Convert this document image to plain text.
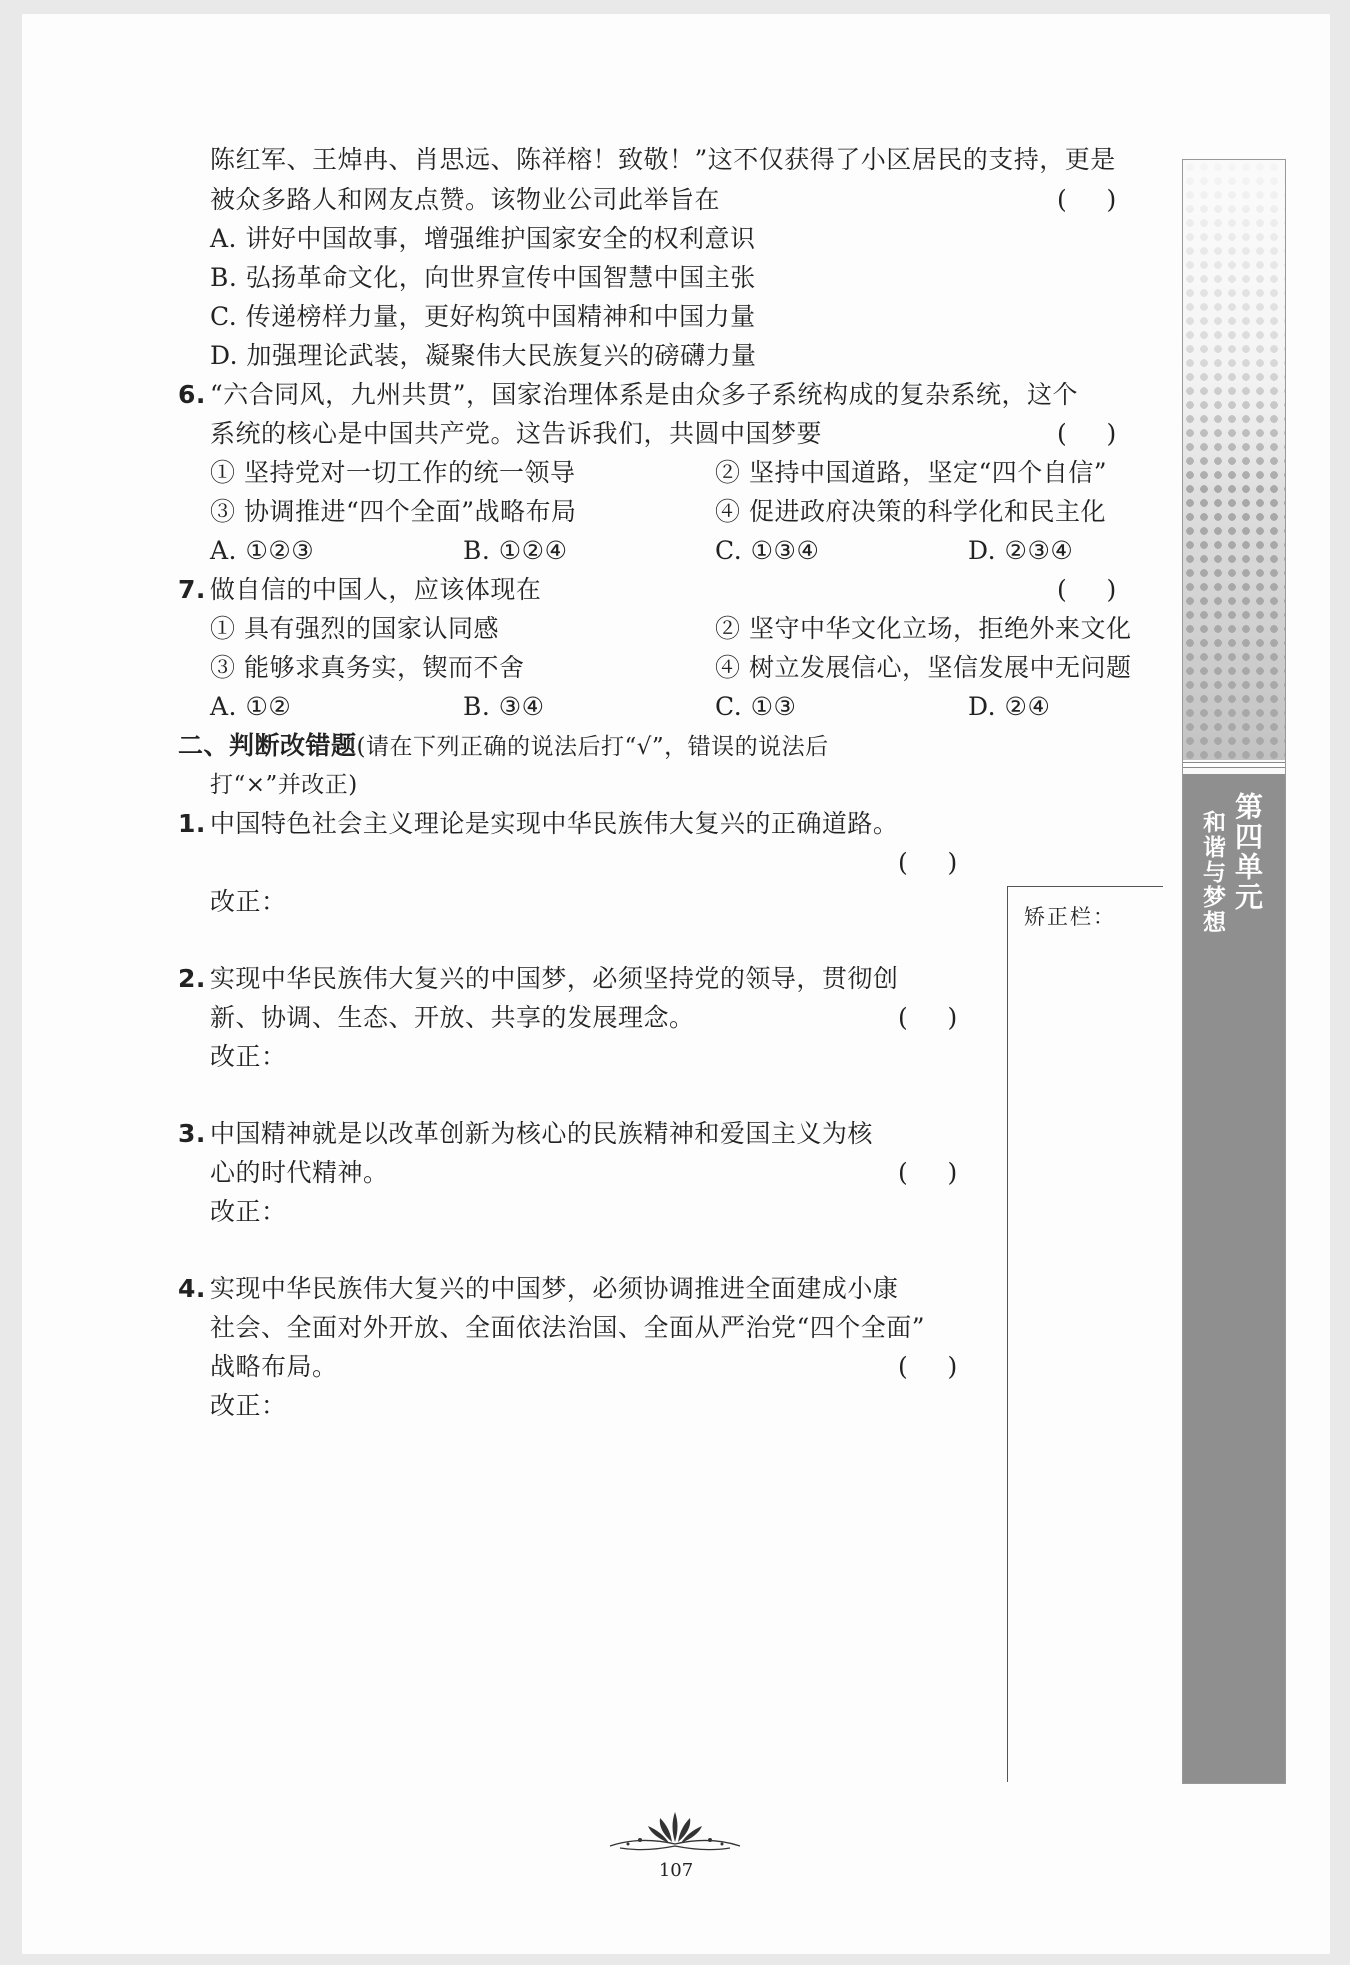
陈红军、王焯冉、肖思远、陈祥榕！致敬！”这不仅获得了小区居民的支持，更是
被众多路人和网友点赞。该物业公司此举旨在	(     )
A. 讲好中国故事，增强维护国家安全的权利意识
B. 弘扬革命文化，向世界宣传中国智慧中国主张
C. 传递榜样力量，更好构筑中国精神和中国力量
D. 加强理论武装，凝聚伟大民族复兴的磅礴力量
6. “六合同风，九州共贯”，国家治理体系是由众多子系统构成的复杂系统，这个
系统的核心是中国共产党。这告诉我们，共圆中国梦要	(     )
① 坚持党对一切工作的统一领导	② 坚持中国道路，坚定“四个自信”
③ 协调推进“四个全面”战略布局	④ 促进政府决策的科学化和民主化
A. ①②③	B. ①②④	C. ①③④	D. ②③④
7. 做自信的中国人，应该体现在	(     )
① 具有强烈的国家认同感	② 坚守中华文化立场，拒绝外来文化
③ 能够求真务实，锲而不舍	④ 树立发展信心，坚信发展中无问题
A. ①②	B. ③④	C. ①③	D. ②④
二、判断改错题(请在下列正确的说法后打“√”，错误的说法后
打“×”并改正)
1. 中国特色社会主义理论是实现中华民族伟大复兴的正确道路。
(     )
改正：
2. 实现中华民族伟大复兴的中国梦，必须坚持党的领导，贯彻创
新、协调、生态、开放、共享的发展理念。	(     )
改正：
3. 中国精神就是以改革创新为核心的民族精神和爱国主义为核
心的时代精神。	(     )
改正：
4. 实现中华民族伟大复兴的中国梦，必须协调推进全面建成小康
社会、全面对外开放、全面依法治国、全面从严治党“四个全面”
战略布局。	(     )
改正：
矫正栏：
第四单元
和谐与梦想
107
